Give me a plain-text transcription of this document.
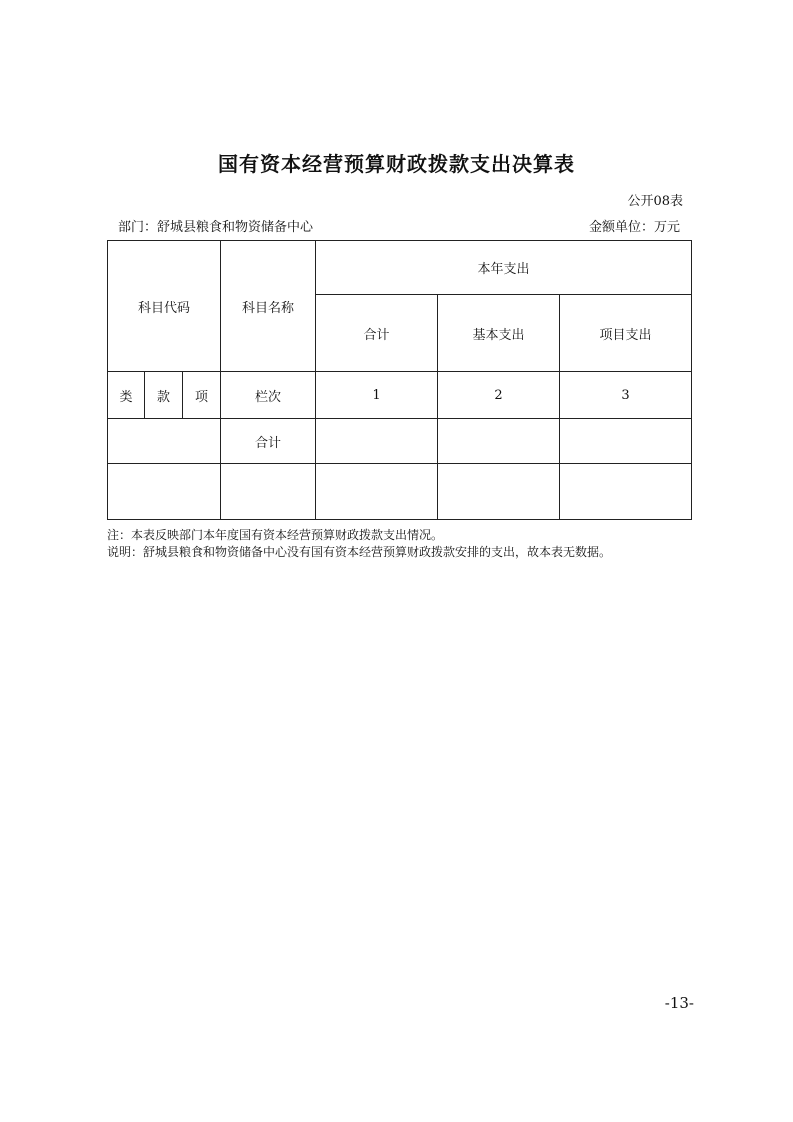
国有资本经营预算财政拨款支出决算表
公开08表
部门：舒城县粮食和物资储备中心	金额单位：万元
科目代码			科目名称	本年支出		
				合计	基本支出	项目支出
类	款	项	栏次	1	2	3
			合计			

注：本表反映部门本年度国有资本经营预算财政拨款支出情况。
说明：舒城县粮食和物资储备中心没有国有资本经营预算财政拨款安排的支出，故本表无数据。
-13-
